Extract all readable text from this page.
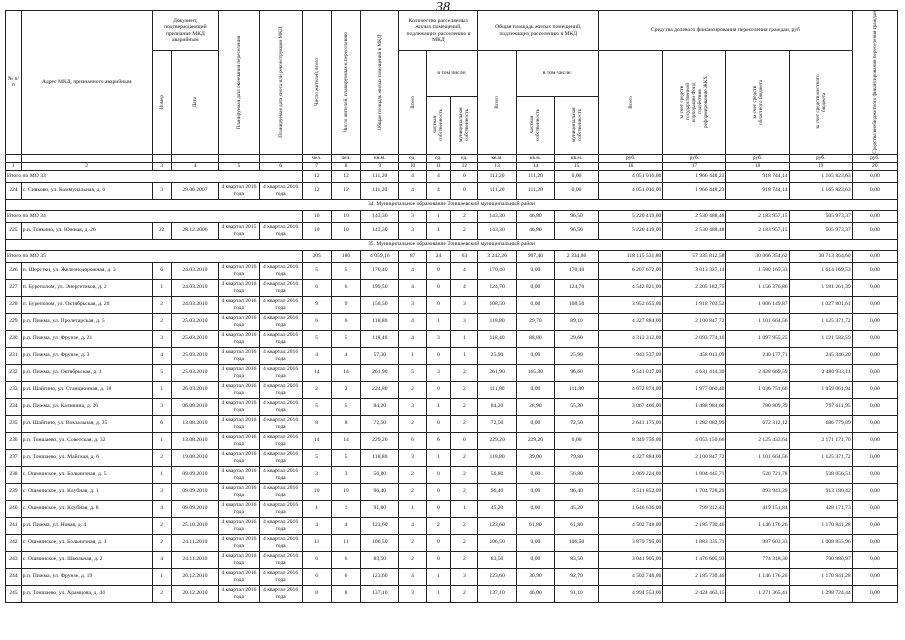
38
№ п/п	Адрес МКД, признанного аварийным	Документ, подтверждающий признание МКД аварийным		Планируемая дата окончания переселения	Планируемая дата сноса или реконструкции МКД	Число жителей, всего	Число жителей, планируемых к переселению	Общая площадь жилых помещений в МКД	Количество расселяемых жилых помещений, подлежащих расселению в МКД			Общая площадь жилых помещений, подлежащих расселению в МКД			Средства долевого финансирования переселения граждан, руб				Средства внебюджетного финансирования переселения граждан

		Номер	Дата						Всего	в том числе:		Всего	в том числе:		Всего	за счет средств государственной корпорации Фонд содействия реформированию ЖКХ	за счет средств областного бюджета	за счет средств местного бюджета	

										частная собственность	муниципальная собственность		частная собственность	муниципальная собственность					

						чел.	чел.	кв.м.	ед.	ед.	ед.	кв.м.	кв.м.	кв.м.	руб.	руб.	руб.	руб.	руб.
1	2	3	4	5	6	7	8	9	10	11	12	13	14	15	16	17	18	19	20
Итого по МО 33						12	12	111,20	4	4	0	111,20	111,20	0,00	4 051 016,00	1 966 448,23	918 744,14	1 165 823,63	0,00
224	с. Сивково, ул. Коммунальная, д. 6	3	29.06.2007	4 квартал 2016 года	4 квартал 2016 года	12	12	111,20	4	4	0	111,20	111,20	0,00	4 051 016,00	1 966 448,23	918 744,14	1 165 823,63	0,00
34. Муниципальное образование Тоншаевский муниципальный район																			
Итого по МО 34						10	10	143,30	3	1	2	143,30	46,80	96,50	5 220 419,00	2 530 488,48	2 183 957,15	505 973,37	0,00
225	р.п. Тонкино, ул. Южная, д. 26	22	28.12.2006	4 квартал 2015 года	4 квартал 2016 года	10	10	143,30	3	1	2	143,30	46,80	96,50	5 220 419,00	2 530 488,48	2 183 957,15	505 973,37	0,00
35. Муниципальное образование Тоншаевский муниципальный район																			
Итого по МО 35						205	180	4 059,16	87	24	63	3 242,26	907,40	2 334,86	118 115 531,80	57 335 812,58	30 066 354,62	30 713 364,60	0,00
226	п. Шерстки, ул. Железнодорожная, д. 3	6	24.03.2010	4 квартал 2016 года	4 квартал 2016 года	5	5	170,40	4	0	4	170,40	0,00	170,40	6 207 672,00	3 013 337,14	1 580 165,33	1 614 169,53	0,00
227	п. Буреполом, ул. Энергетиков, д. 2	1	24.03.2010	4 квартал 2016 года	4 квартал 2016 года	6	6	199,50	4	0	4	124,70	0,00	124,70	4 542 821,00	2 205 182,75	1 156 376,86	1 181 261,39	0,00
228	п. Буреполом, ул. Октябрьская, д. 20	2	24.03.2010	4 квартал 2016 года	4 квартал 2016 года	9	9	158,50	3	0	3	108,50	0,00	108,50	3 952 655,00	1 918 703,52	1 006 149,87	1 027 801,61	0,00
229	р.п. Пижма, ул. Пролетарская, д. 5	2	25.03.2010	4 квартал 2016 года	4 квартал 2016 года	6	6	118,80	4	1	3	118,80	29,70	89,10	4 327 884,00	2 100 847,72	1 101 664,56	1 125 371,72	0,00
230	р.п. Пижма, ул. Фрунзе, д. 21	3	25.03.2010	4 квартал 2016 года	4 квартал 2016 года	5	5	118,40	4	3	1	118,40	88,80	29,60	4 313 312,00	2 093 774,16	1 097 955,25	1 121 582,59	0,00
231	р.п. Пижма, ул. Фрунзе, д. 3	4	25.03.2010	4 квартал 2016 года	4 квартал 2016 года	4	4	57,30	1	0	1	25,90	0,00	25,90	943 537,00	458 013,09	240 177,71	245 346,20	0,00
232	р.п. Пижма, ул. Октябрьская, д. 1	5	25.03.2010	4 квартал 2016 года	4 квартал 2016 года	14	14	261,90	5	3	2	261,90	165,30	96,60	9 541 017,00	4 631 414,30	2 428 669,59	2 480 933,11	0,00
233	р.п. Шайгино, ул. Станционная, д. 18	1	26.03.2010	4 квартал 2016 года	4 квартал 2016 года	2	2	224,80	2	0	2	111,80	0,00	111,80	4 072 874,00	1 977 060,40	1 036 751,66	1 059 061,94	0,00
234	р.п. Пижма, ул. Калинина, д. 36	3	06.08.2010	4 квартал 2016 года	4 квартал 2016 года	5	5	84,20	3	1	2	84,20	28,90	55,30	3 067 406,00	1 488 984,66	780 809,39	797 611,95	0,00
235	р.п. Шайгино, ул. Вокзальная, д. 35	6	13.08.2010	4 квартал 2016 года	4 квартал 2016 года	8	8	72,50	2	0	2	72,50	0,00	72,50	2 641 175,00	1 282 082,99	672 312,12	686 779,89	0,00
236	р.п. Тоншаево, ул. Советская, д. 32	1	13.08.2010	4 квартал 2016 года	4 квартал 2016 года	14	14	229,20	6	6	0	229,20	229,20	0,00	8 349 756,00	4 053 150,66	2 125 433,64	2 171 171,70	0,00
237	р.п. Тоншаево, ул. Майская, д. 6	2	19.08.2010	4 квартал 2016 года	4 квартал 2016 года	5	5	118,80	3	1	2	118,80	39,00	79,80	4 327 884,00	2 100 847,72	1 101 664,56	1 125 371,72	0,00
238	с. Ошминское, ул. Больничная, д. 5	1	09.09.2010	4 квартал 2016 года	4 квартал 2016 года	3	3	56,80	2	0	2	56,80	0,00	56,80	2 069 224,00	1 004 445,71	526 721,78	538 056,51	0,00
239	с. Ошминское, ул. Клубная, д. 1	3	09.09.2010	4 квартал 2016 года	4 квартал 2016 года	10	10	96,40	2	0	2	96,40	0,00	96,40	3 511 852,00	1 704 728,29	893 943,29	913 180,42	0,00
240	с. Ошминское, ул. Клубная, д. 8	4	09.09.2010	4 квартал 2016 года	4 квартал 2016 года	1	1	91,80	1	0	1	45,20	0,00	45,20	1 646 636,00	799 312,43	419 151,84	428 171,73	0,00
241	р.п. Пижма, ул. Новая, д. 4	2	25.10.2010	4 квартал 2016 года	4 квартал 2016 года	4	4	123,60	4	2	2	123,60	61,80	61,80	4 502 748,00	2 185 730,46	1 146 176,26	1 170 841,28	0,00
242	с. Ошминское, ул. Больничная, д. 1	2	24.11.2010	4 квартал 2016 года	4 квартал 2016 года	11	11	106,50	2	0	2	106,50	0,00	106,50	3 879 795,00	1 883 335,71	987 603,33	1 008 855,96	0,00
243	с. Ошминское, ул. Школьная, д. 2	4	24.11.2010	4 квартал 2016 года	4 квартал 2016 года	6	6	83,50	2	0	2	83,50	0,00	83,50	3 041 905,00	1 476 605,93	774 318,30	790 980,97	0,00
244	р.п. Пижма, ул. Фрунзе, д. 19	1	20.12.2010	4 квартал 2016 года	4 квартал 2016 года	6	6	123,60	4	1	3	123,60	30,90	92,70	4 502 748,00	2 185 730,46	1 146 176,26	1 170 841,28	0,00
245	р.п. Тоншаево, ул. Храмцова, д. 44	2	20.12.2010	4 квартал 2016 года	4 квартал 2016 года	8	8	137,10	3	1	2	137,10	46,00	91,10	4 994 553,00	2 424 463,15	1 271 365,41	1 298 724,44	0,00
